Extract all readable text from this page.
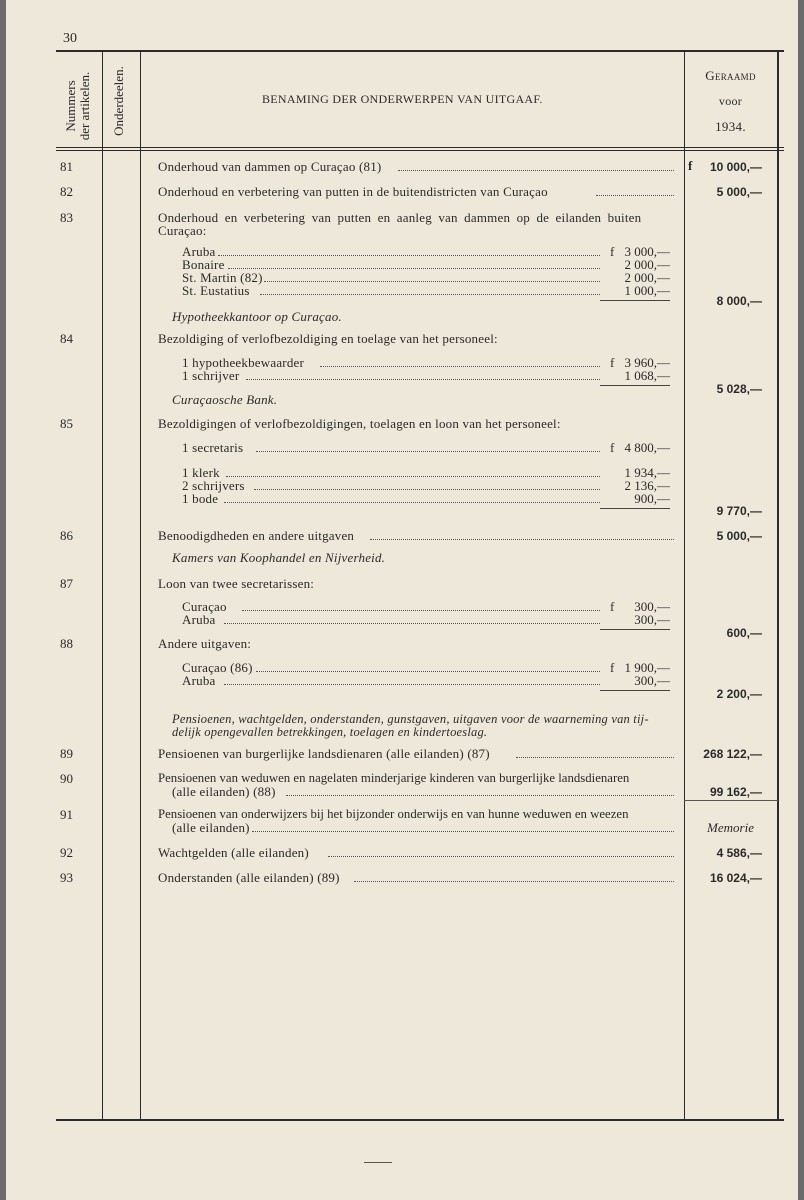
30
Nummers der artikelen. Onderdeelen.	BENAMING DER ONDERWERPEN VAN UITGAAF.
Geraamd
voor
1934.
81	Onderhoud van dammen op Curaçao (81)	f	10 000,—
82	Onderhoud en verbetering van putten in de buitendistricten van Curaçao	5 000,—
83	Onderhoud en verbetering van putten en aanleg van dammen op de eilanden buiten
Curaçao:
Aruba	f 3 000,—
Bonaire	2 000,—
St. Martin (82)	2 000,—
St. Eustatius	1 000,—
8 000,—
Hypotheekkantoor op Curaçao.
84	Bezoldiging of verlofbezoldiging en toelage van het personeel:
1 hypotheekbewaarder	f 3 960,—
1 schrijver	1 068,—
5 028,—
Curaçaosche Bank.
85	Bezoldigingen of verlofbezoldigingen, toelagen en loon van het personeel:
1 secretaris	f 4 800,—
1 klerk	1 934,—
2 schrijvers	2 136,—
1 bode	900,—
9 770,—
86	Benoodigdheden en andere uitgaven	5 000,—
Kamers van Koophandel en Nijverheid.
87	Loon van twee secretarissen:
Curaçao	f	300,—
Aruba	300,—
600,—
88	Andere uitgaven:
Curaçao (86)	f 1 900,—
Aruba	300,—
2 200,—
Pensioenen, wachtgelden, onderstanden, gunstgaven, uitgaven voor de waarneming van tij-
delijk opengevallen betrekkingen, toelagen en kindertoeslag.
89	Pensioenen van burgerlijke landsdienaren (alle eilanden) (87)	268 122,—
90	Pensioenen van weduwen en nagelaten minderjarige kinderen van burgerlijke landsdienaren
(alle eilanden) (88)	99 162,—
91	Pensioenen van onderwijzers bij het bijzonder onderwijs en van hunne weduwen en weezen
(alle eilanden)	Memorie
92	Wachtgelden (alle eilanden)	4 586,—
93	Onderstanden (alle eilanden) (89)	16 024,—
